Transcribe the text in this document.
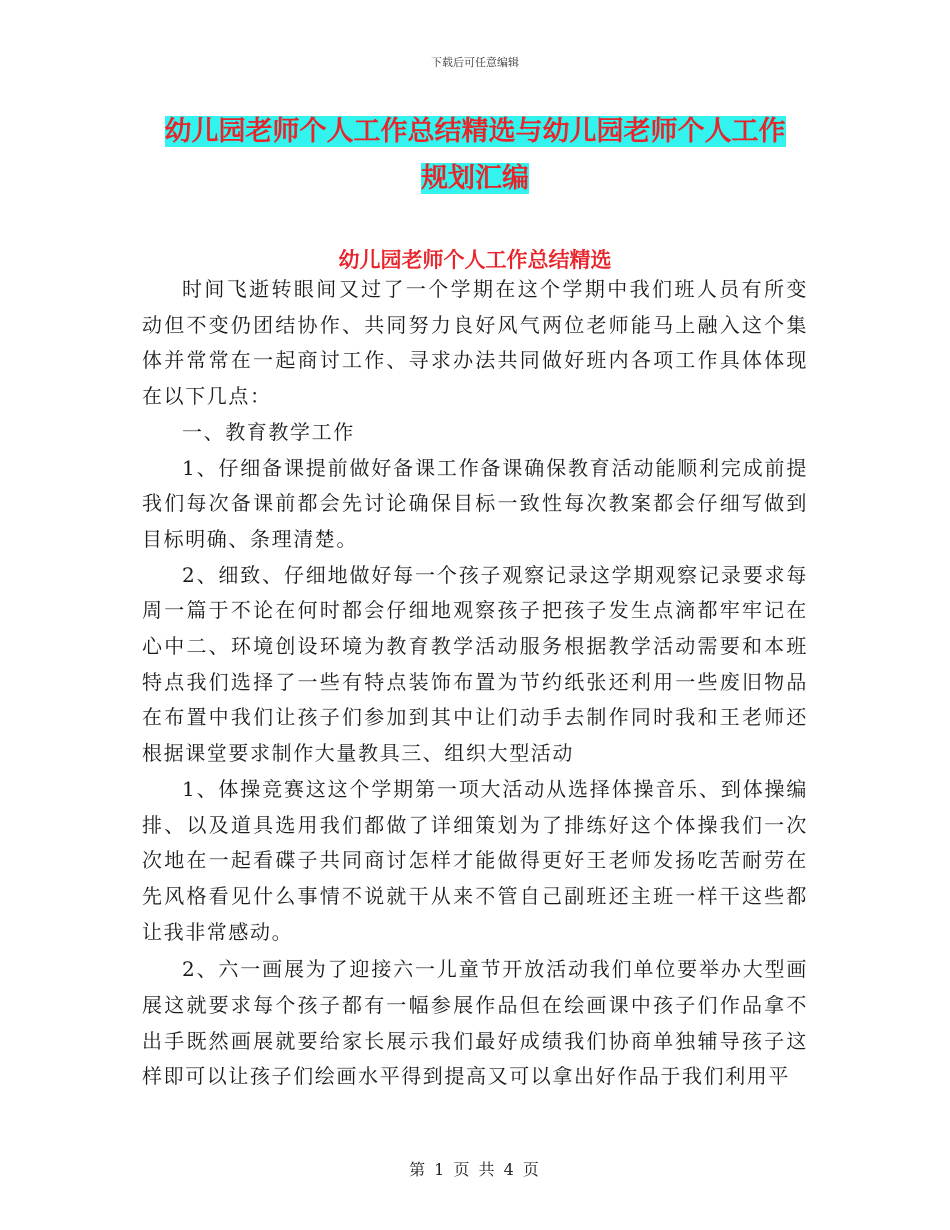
下载后可任意编辑
幼儿园老师个人工作总结精选与幼儿园老师个人工作
规划汇编
幼儿园老师个人工作总结精选

时间飞逝转眼间又过了一个学期在这个学期中我们班人员有所变动但不变仍团结协作、共同努力良好风气两位老师能马上融入这个集体并常常在一起商讨工作、寻求办法共同做好班内各项工作具体体现在以下几点：

一、教育教学工作

1、仔细备课提前做好备课工作备课确保教育活动能顺利完成前提我们每次备课前都会先讨论确保目标一致性每次教案都会仔细写做到目标明确、条理清楚。

2、细致、仔细地做好每一个孩子观察记录这学期观察记录要求每周一篇于不论在何时都会仔细地观察孩子把孩子发生点滴都牢牢记在心中二、环境创设环境为教育教学活动服务根据教学活动需要和本班特点我们选择了一些有特点装饰布置为节约纸张还利用一些废旧物品在布置中我们让孩子们参加到其中让们动手去制作同时我和王老师还根据课堂要求制作大量教具三、组织大型活动

1、体操竞赛这这个学期第一项大活动从选择体操音乐、到体操编排、以及道具选用我们都做了详细策划为了排练好这个体操我们一次次地在一起看碟子共同商讨怎样才能做得更好王老师发扬吃苦耐劳在先风格看见什么事情不说就干从来不管自己副班还主班一样干这些都让我非常感动。

2、六一画展为了迎接六一儿童节开放活动我们单位要举办大型画展这就要求每个孩子都有一幅参展作品但在绘画课中孩子们作品拿不出手既然画展就要给家长展示我们最好成绩我们协商单独辅导孩子这样即可以让孩子们绘画水平得到提高又可以拿出好作品于我们利用平

第 1 页 共 4 页
